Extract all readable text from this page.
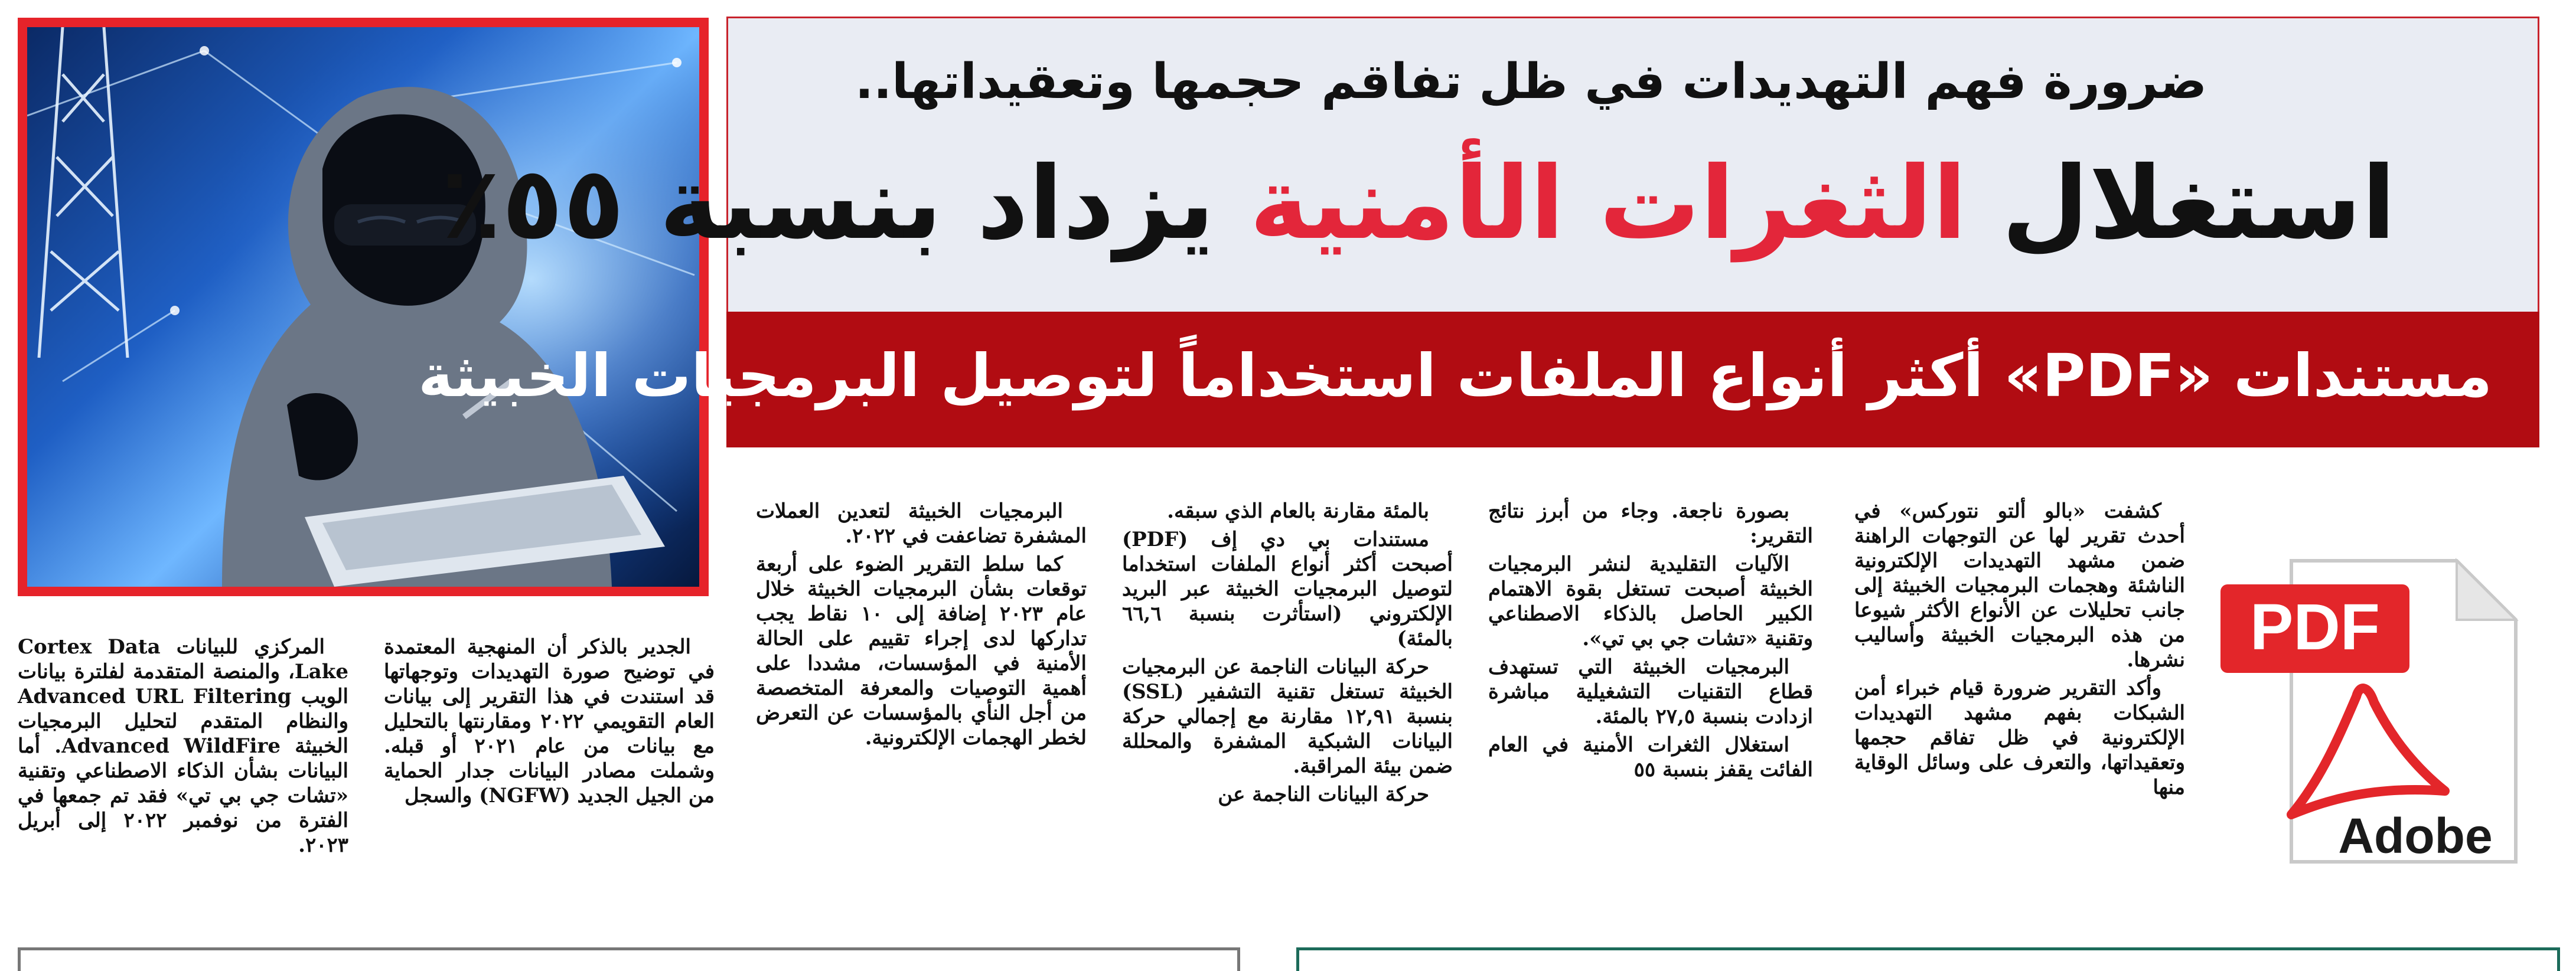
ضرورة فهم التهديدات في ظل تفاقم حجمها وتعقيداتها..
استغلال الثغرات الأمنية يزداد بنسبة ٥٥٪
مستندات «PDF» أكثر أنواع الملفات استخداماً لتوصيل البرمجيات الخبيثة
PDF
Adobe

كشفت «بالو ألتو نتوركس» في أحدث تقرير لها عن التوجهات الراهنة ضمن مشهد التهديدات الإلكترونية الناشئة وهجمات البرمجيات الخبيثة إلى جانب تحليلات عن الأنواع الأكثر شيوعا من هذه البرمجيات الخبيثة وأساليب نشرها.

وأكد التقرير ضرورة قيام خبراء أمن الشبكات بفهم مشهد التهديدات الإلكترونية في ظل تفاقم حجمها وتعقيداتها، والتعرف على وسائل الوقاية منها

بصورة ناجعة. وجاء من أبرز نتائج التقرير:

الآليات التقليدية لنشر البرمجيات الخبيثة أصبحت تستغل بقوة الاهتمام الكبير الحاصل بالذكاء الاصطناعي وتقنية «تشات جي بي تي».

البرمجيات الخبيثة التي تستهدف قطاع التقنيات التشغيلية مباشرة ازدادت بنسبة ٢٧,٥ بالمئة.

استغلال الثغرات الأمنية في العام الفائت يقفز بنسبة ٥٥

بالمئة مقارنة بالعام الذي سبقه.

مستندات بي دي إف (PDF) أصبحت أكثر أنواع الملفات استخداما لتوصيل البرمجيات الخبيثة عبر البريد الإلكتروني (استأثرت بنسبة ٦٦,٦ بالمئة)

حركة البيانات الناجمة عن البرمجيات الخبيثة تستغل تقنية التشفير (SSL) بنسبة ١٢,٩١ مقارنة مع إجمالي حركة البيانات الشبكية المشفرة والمحللة ضمن بيئة المراقبة.

حركة البيانات الناجمة عن

البرمجيات الخبيثة لتعدين العملات المشفرة تضاعفت في ٢٠٢٢.

كما سلط التقرير الضوء على أربعة توقعات بشأن البرمجيات الخبيثة خلال عام ٢٠٢٣ إضافة إلى ١٠ نقاط يجب تداركها لدى إجراء تقييم على الحالة الأمنية في المؤسسات، مشددا على أهمية التوصيات والمعرفة المتخصصة من أجل النأي بالمؤسسات عن التعرض لخطر الهجمات الإلكترونية.

الجدير بالذكر أن المنهجية المعتمدة في توضيح صورة التهديدات وتوجهاتها قد استندت في هذا التقرير إلى بيانات العام التقويمي ٢٠٢٢ ومقارنتها بالتحليل مع بيانات من عام ٢٠٢١ أو قبله. وشملت مصادر البيانات جدار الحماية من الجيل الجديد (NGFW) والسجل

المركزي للبيانات Cortex Data Lake، والمنصة المتقدمة لفلترة بيانات الويب Advanced URL Filtering والنظام المتقدم لتحليل البرمجيات الخبيثة Advanced WildFire. أما البيانات بشأن الذكاء الاصطناعي وتقنية «تشات جي بي تي» فقد تم جمعها في الفترة من نوفمبر ٢٠٢٢ إلى أبريل ٢٠٢٣.
